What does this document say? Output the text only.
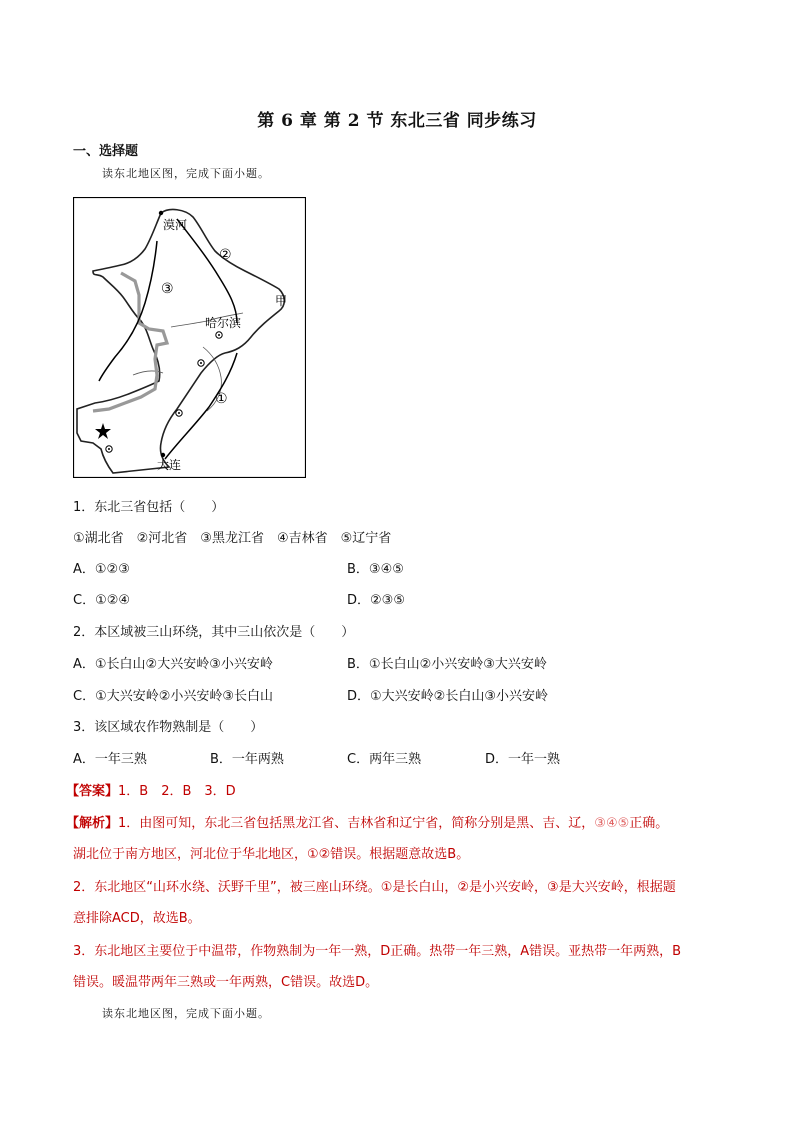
第 6 章 第 2 节 东北三省 同步练习
一、选择题
读东北地区图，完成下面小题。
漠河
哈尔滨
大连
甲
①
②
③
1．东北三省包括（　　）
①湖北省　②河北省　③黑龙江省　④吉林省　⑤辽宁省
A．①②③	B．③④⑤
C．①②④	D．②③⑤
2．本区域被三山环绕，其中三山依次是（　　）
A．①长白山②大兴安岭③小兴安岭	B．①长白山②小兴安岭③大兴安岭
C．①大兴安岭②小兴安岭③长白山	D．①大兴安岭②长白山③小兴安岭
3．该区域农作物熟制是（　　）
A．一年三熟	B．一年两熟	C．两年三熟	D．一年一熟
【答案】1．B　2．B　3．D
【解析】1．由图可知，东北三省包括黑龙江省、吉林省和辽宁省，简称分别是黑、吉、辽，③④⑤正确。
湖北位于南方地区，河北位于华北地区，①②错误。根据题意故选B。
2．东北地区“山环水绕、沃野千里”，被三座山环绕。①是长白山，②是小兴安岭，③是大兴安岭，根据题
意排除ACD，故选B。
3．东北地区主要位于中温带，作物熟制为一年一熟，D正确。热带一年三熟，A错误。亚热带一年两熟，B
错误。暖温带两年三熟或一年两熟，C错误。故选D。
读东北地区图，完成下面小题。
